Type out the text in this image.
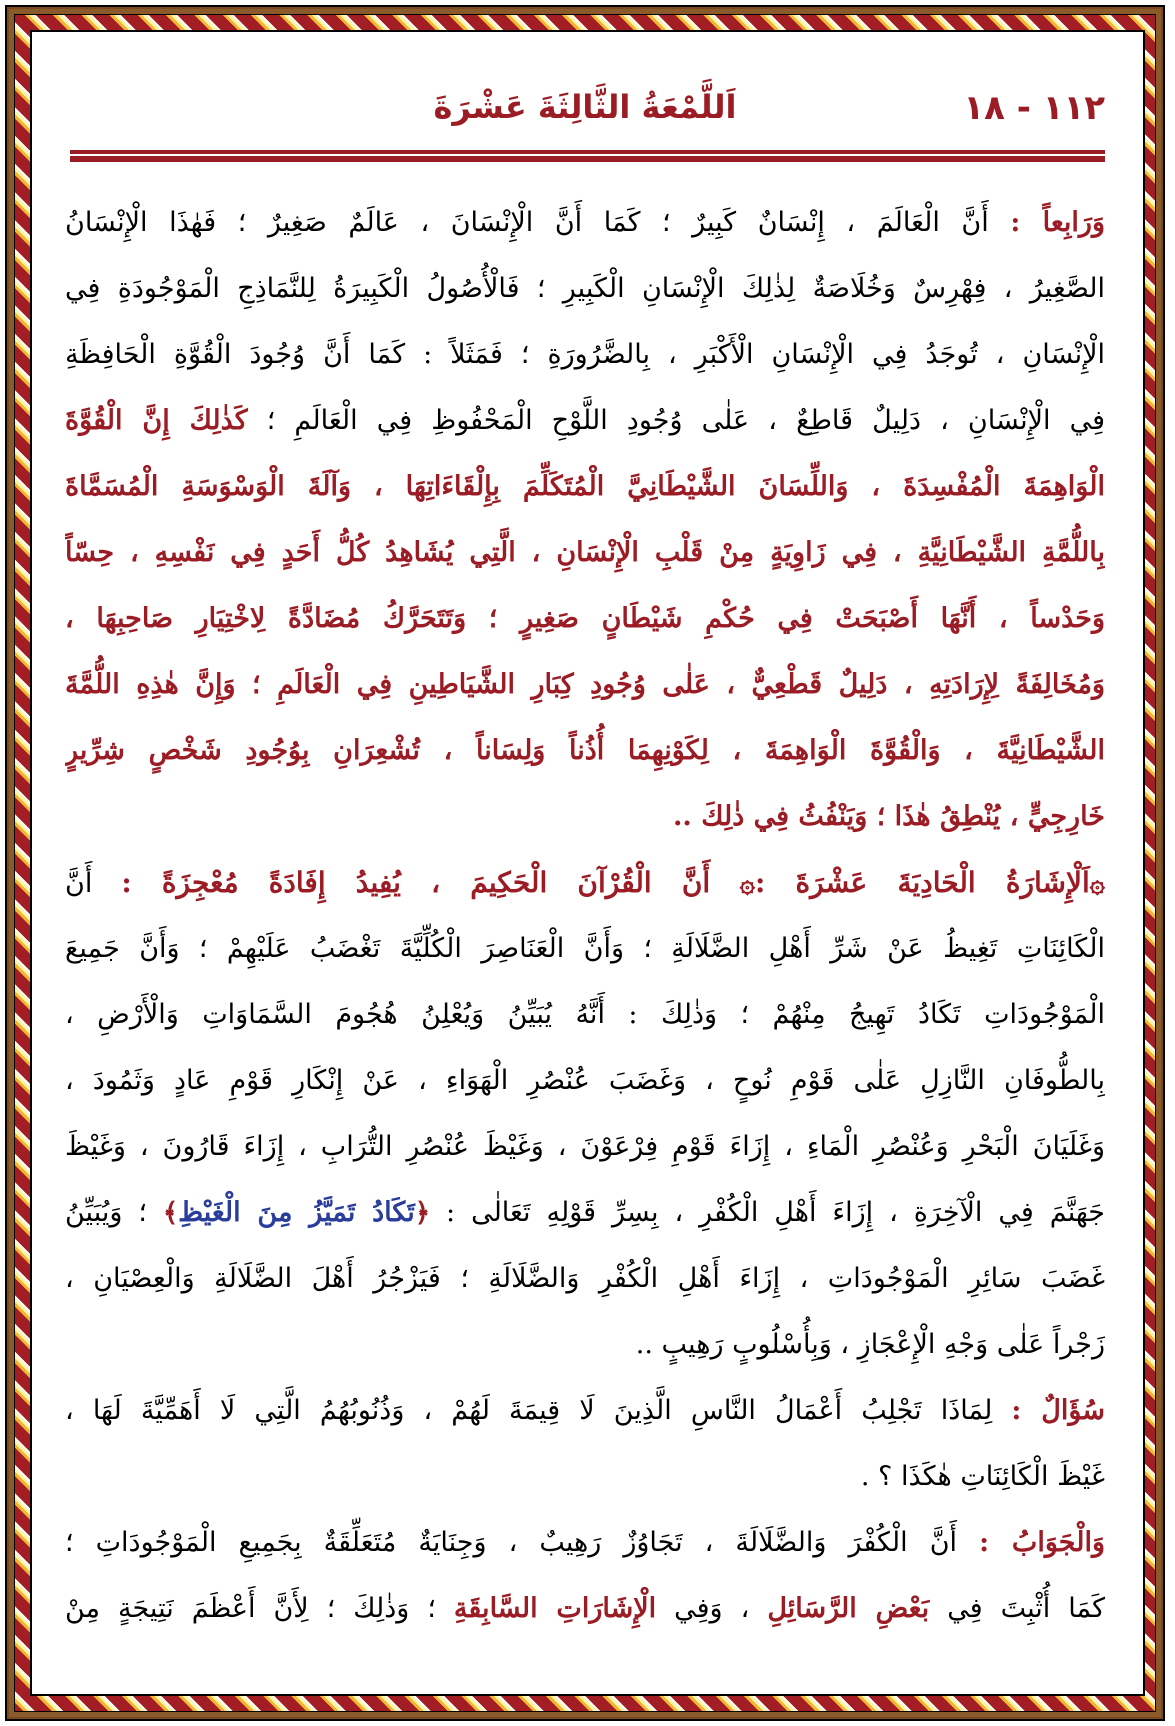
١١٢ - ١٨
اَللَّمْعَةُ الثَّالِثَةَ عَشْرَةَ
وَرَابِعاً : أَنَّ الْعَالَمَ ، إِنْسَانٌ كَبِيرٌ ؛ كَمَا أَنَّ الْإِنْسَانَ ، عَالَمٌ صَغِيرٌ ؛ فَهٰذَا الْإِنْسَانُ
الصَّغِيرُ ، فِهْرِسٌ وَخُلَاصَةٌ لِذٰلِكَ الْإِنْسَانِ الْكَبِيرِ ؛ فَالْأُصُولُ الْكَبِيرَةُ لِلنَّمَاذِجِ الْمَوْجُودَةِ فِي
الْإِنْسَانِ ، تُوجَدُ فِي الْإِنْسَانِ الْأَكْبَرِ ، بِالضَّرُورَةِ ؛ فَمَثَلاً : كَمَا أَنَّ وُجُودَ الْقُوَّةِ الْحَافِظَةِ
فِي الْإِنْسَانِ ، دَلِيلٌ قَاطِعٌ ، عَلٰى وُجُودِ اللَّوْحِ الْمَحْفُوظِ فِي الْعَالَمِ ؛ كَذٰلِكَ إِنَّ الْقُوَّةَ
الْوَاهِمَةَ الْمُفْسِدَةَ ، وَاللِّسَانَ الشَّيْطَانِيَّ الْمُتَكَلِّمَ بِإِلْقَاءَاتِهَا ، وَآلَةَ الْوَسْوَسَةِ الْمُسَمَّاةَ
بِاللُّمَّةِ الشَّيْطَانِيَّةِ ، فِي زَاوِيَةٍ مِنْ قَلْبِ الْإِنْسَانِ ، الَّتِي يُشَاهِدُ كُلُّ أَحَدٍ فِي نَفْسِهِ ، حِسّاً
وَحَدْساً ، أَنَّهَا أَصْبَحَتْ فِي حُكْمِ شَيْطَانٍ صَغِيرٍ ؛ وَتَتَحَرَّكُ مُضَادَّةً لِاخْتِيَارِ صَاحِبِهَا ،
وَمُخَالِفَةً لِإِرَادَتِهِ ، دَلِيلٌ قَطْعِيٌّ ، عَلٰى وُجُودِ كِبَارِ الشَّيَاطِينِ فِي الْعَالَمِ ؛ وَإِنَّ هٰذِهِ اللُّمَّةَ
الشَّيْطَانِيَّةَ ، وَالْقُوَّةَ الْوَاهِمَةَ ، لِكَوْنِهِمَا أُذُناً وَلِسَاناً ، تُشْعِرَانِ بِوُجُودِ شَخْصٍ شِرِّيرٍ
خَارِجِيٍّ ، يُنْطِقُ هٰذَا ؛ وَيَنْفُثُ فِي ذٰلِكَ ..
۞اَلْإِشَارَةُ الْحَادِيَةَ عَشْرَةَ :۞ أَنَّ الْقُرْآنَ الْحَكِيمَ ، يُفِيدُ إِفَادَةً مُعْجِزَةً : أَنَّ
الْكَائِنَاتِ تَغِيظُ عَنْ شَرِّ أَهْلِ الضَّلَالَةِ ؛ وَأَنَّ الْعَنَاصِرَ الْكُلِّيَّةَ تَغْضَبُ عَلَيْهِمْ ؛ وَأَنَّ جَمِيعَ
الْمَوْجُودَاتِ تَكَادُ تَهِيجُ مِنْهُمْ ؛ وَذٰلِكَ : أَنَّهُ يُبَيِّنُ وَيُعْلِنُ هُجُومَ السَّمَاوَاتِ وَالْأَرْضِ ،
بِالطُّوفَانِ النَّازِلِ عَلٰى قَوْمِ نُوحٍ ، وَغَضَبَ عُنْصُرِ الْهَوَاءِ ، عَنْ إِنْكَارِ قَوْمِ عَادٍ وَثَمُودَ ،
وَغَلَيَانَ الْبَحْرِ وَعُنْصُرِ الْمَاءِ ، إِزَاءَ قَوْمِ فِرْعَوْنَ ، وَغَيْظَ عُنْصُرِ التُّرَابِ ، إِزَاءَ قَارُونَ ، وَغَيْظَ
جَهَنَّمَ فِي الْآخِرَةِ ، إِزَاءَ أَهْلِ الْكُفْرِ ، بِسِرِّ قَوْلِهِ تَعَالٰى : ﴿تَكَادُ تَمَيَّزُ مِنَ الْغَيْظِ﴾ ؛ وَيُبَيِّنُ
غَضَبَ سَائِرِ الْمَوْجُودَاتِ ، إِزَاءَ أَهْلِ الْكُفْرِ وَالضَّلَالَةِ ؛ فَيَزْجُرُ أَهْلَ الضَّلَالَةِ وَالْعِصْيَانِ ،
زَجْراً عَلٰى وَجْهِ الْإِعْجَازِ ، وَبِأُسْلُوبٍ رَهِيبٍ ..
سُؤَالٌ : لِمَاذَا تَجْلِبُ أَعْمَالُ النَّاسِ الَّذِينَ لَا قِيمَةَ لَهُمْ ، وَذُنُوبُهُمُ الَّتِي لَا أَهَمِّيَّةَ لَهَا ،
غَيْظَ الْكَائِنَاتِ هٰكَذَا ؟ .
وَالْجَوَابُ : أَنَّ الْكُفْرَ وَالضَّلَالَةَ ، تَجَاوُزٌ رَهِيبٌ ، وَجِنَايَةٌ مُتَعَلِّقَةٌ بِجَمِيعِ الْمَوْجُودَاتِ ؛
كَمَا أُثْبِتَ فِي بَعْضِ الرَّسَائِلِ ، وَفِي الْإِشَارَاتِ السَّابِقَةِ ؛ وَذٰلِكَ ؛ لِأَنَّ أَعْظَمَ نَتِيجَةٍ مِنْ
